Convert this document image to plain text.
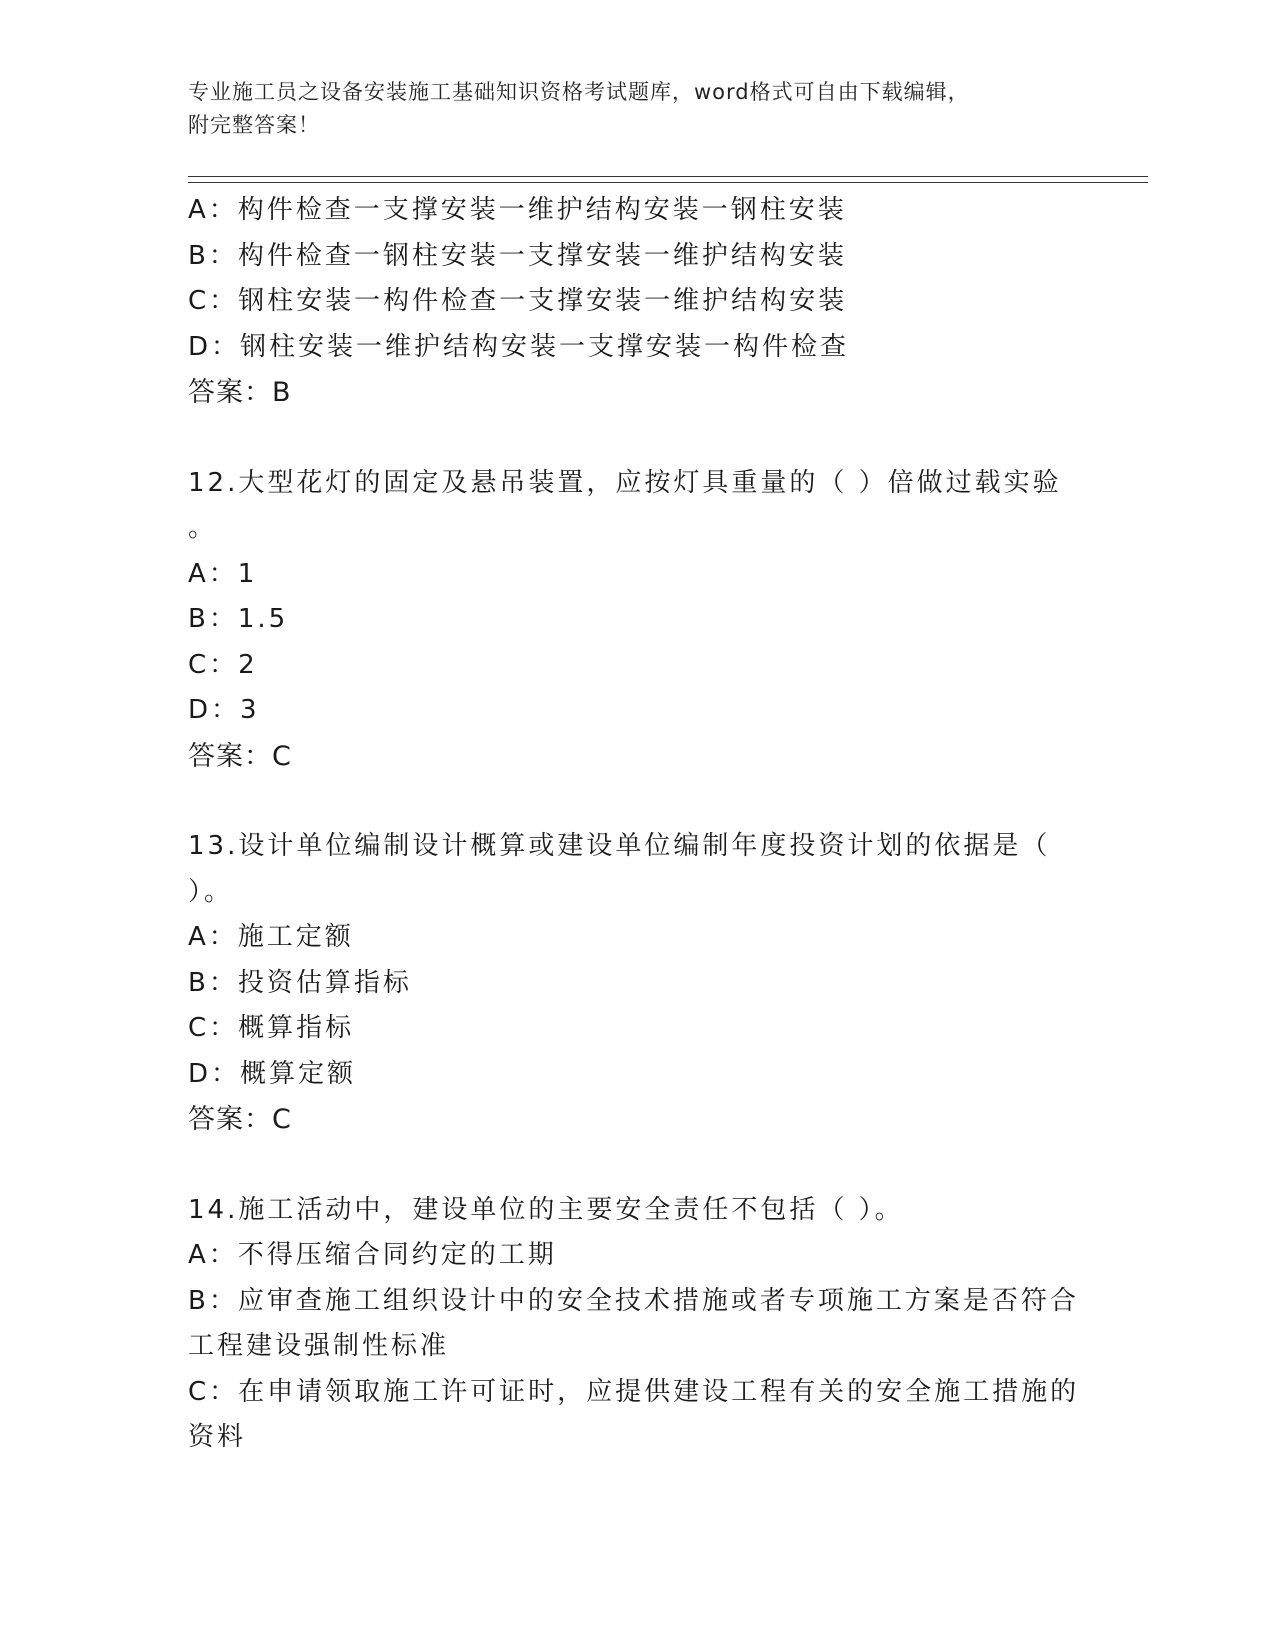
专业施工员之设备安装施工基础知识资格考试题库，word格式可自由下载编辑，
附完整答案！
A：构件检查一支撑安装一维护结构安装一钢柱安装
B：构件检查一钢柱安装一支撑安装一维护结构安装
C：钢柱安装一构件检查一支撑安装一维护结构安装
D：钢柱安装一维护结构安装一支撑安装一构件检查
答案：B
12.大型花灯的固定及悬吊装置，应按灯具重量的（ ）倍做过载实验
。
A：1
B：1.5
C：2
D：3
答案：C
13.设计单位编制设计概算或建设单位编制年度投资计划的依据是（
）。
A：施工定额
B：投资估算指标
C：概算指标
D：概算定额
答案：C
14.施工活动中，建设单位的主要安全责任不包括（ ）。
A：不得压缩合同约定的工期
B：应审查施工组织设计中的安全技术措施或者专项施工方案是否符合
工程建设强制性标准
C：在申请领取施工许可证时，应提供建设工程有关的安全施工措施的
资料
